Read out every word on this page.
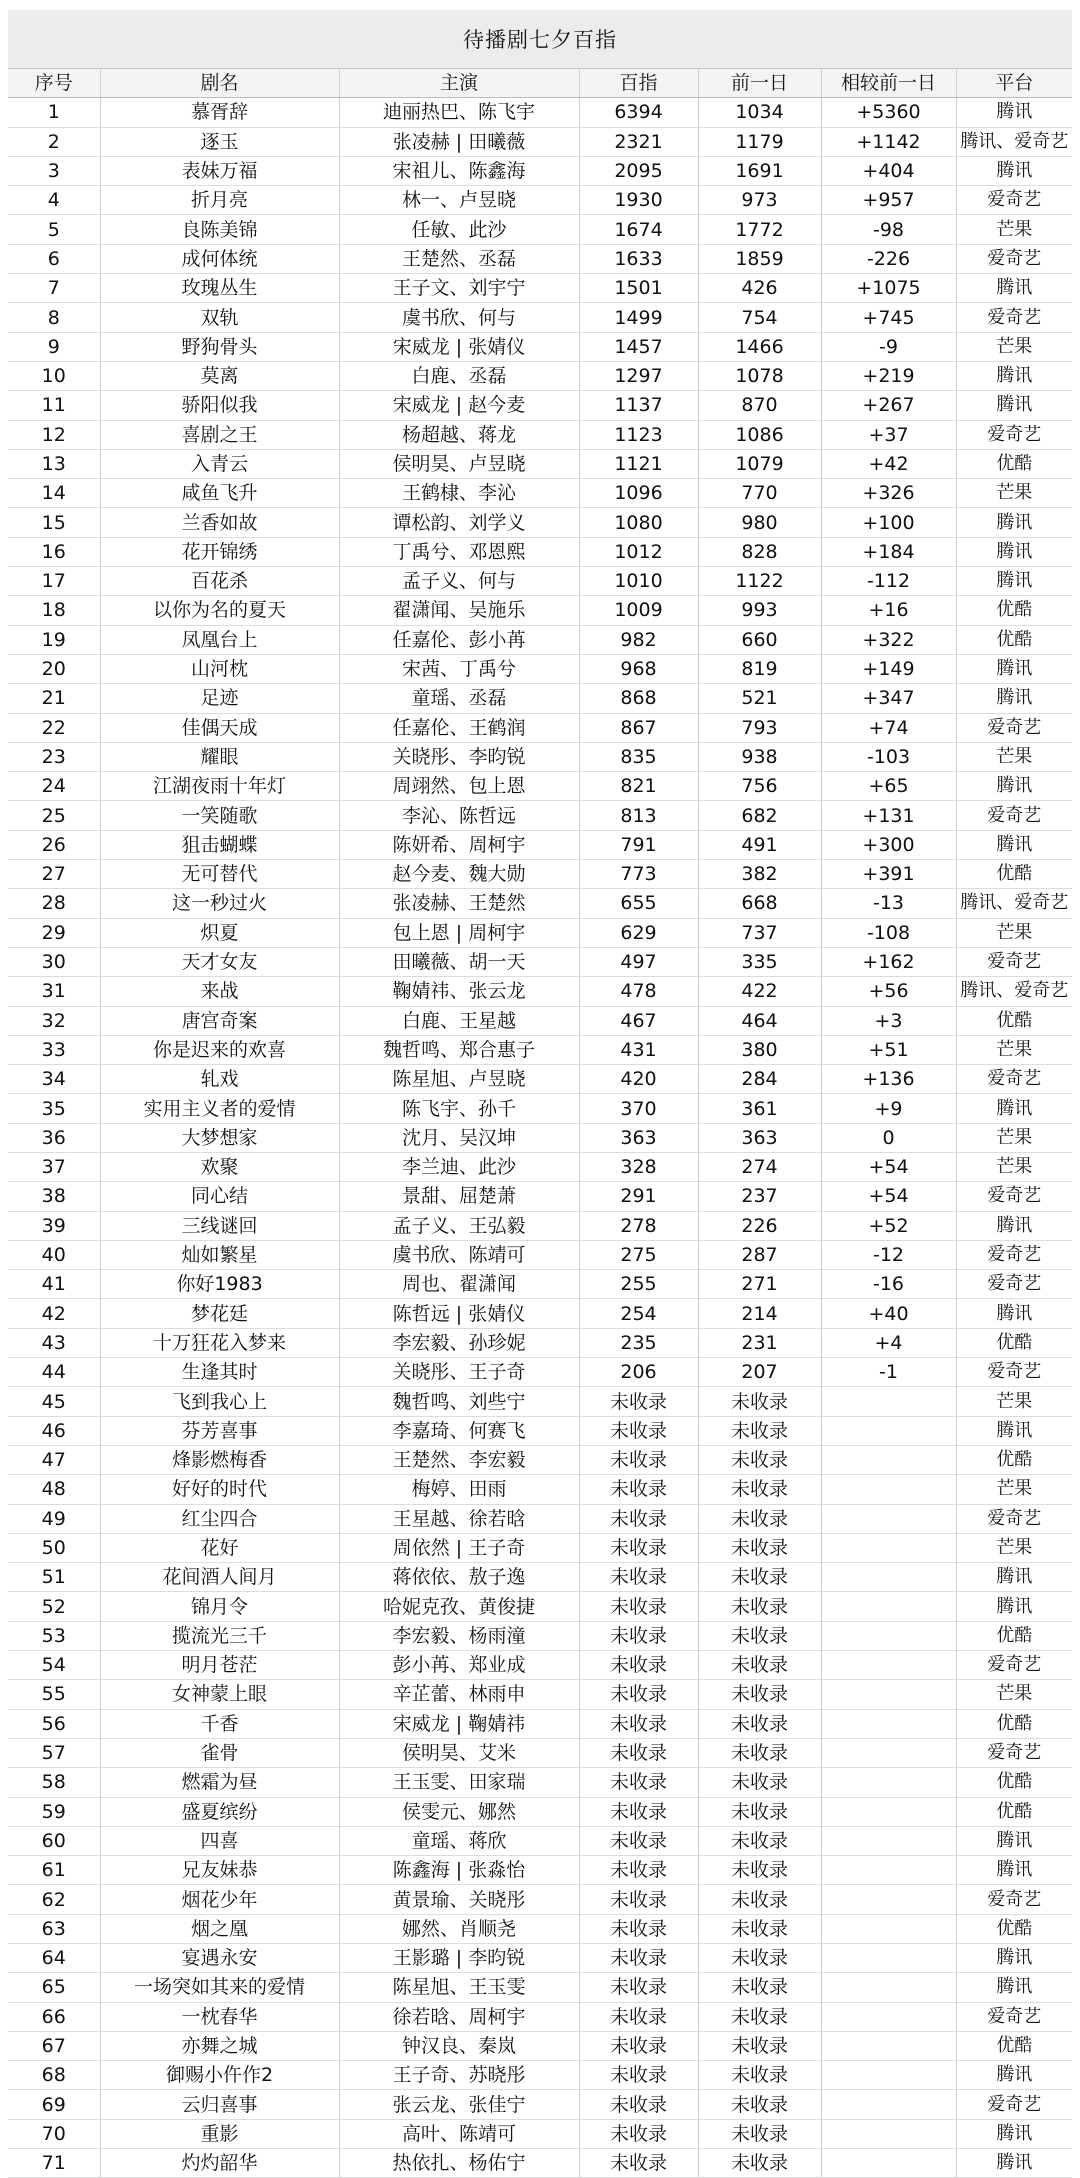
待播剧七夕百指
序号	剧名	主演	百指	前一日	相较前一日	平台
1	慕胥辞	迪丽热巴、陈飞宇	6394	1034	+5360	腾讯
2	逐玉	张凌赫 | 田曦薇	2321	1179	+1142	腾讯、爱奇艺
3	表妹万福	宋祖儿、陈鑫海	2095	1691	+404	腾讯
4	折月亮	林一、卢昱晓	1930	973	+957	爱奇艺
5	良陈美锦	任敏、此沙	1674	1772	-98	芒果
6	成何体统	王楚然、丞磊	1633	1859	-226	爱奇艺
7	玫瑰丛生	王子文、刘宇宁	1501	426	+1075	腾讯
8	双轨	虞书欣、何与	1499	754	+745	爱奇艺
9	野狗骨头	宋威龙 | 张婧仪	1457	1466	-9	芒果
10	莫离	白鹿、丞磊	1297	1078	+219	腾讯
11	骄阳似我	宋威龙 | 赵今麦	1137	870	+267	腾讯
12	喜剧之王	杨超越、蒋龙	1123	1086	+37	爱奇艺
13	入青云	侯明昊、卢昱晓	1121	1079	+42	优酷
14	咸鱼飞升	王鹤棣、李沁	1096	770	+326	芒果
15	兰香如故	谭松韵、刘学义	1080	980	+100	腾讯
16	花开锦绣	丁禹兮、邓恩熙	1012	828	+184	腾讯
17	百花杀	孟子义、何与	1010	1122	-112	腾讯
18	以你为名的夏天	翟潇闻、吴施乐	1009	993	+16	优酷
19	凤凰台上	任嘉伦、彭小苒	982	660	+322	优酷
20	山河枕	宋茜、丁禹兮	968	819	+149	腾讯
21	足迹	童瑶、丞磊	868	521	+347	腾讯
22	佳偶天成	任嘉伦、王鹤润	867	793	+74	爱奇艺
23	耀眼	关晓彤、李昀锐	835	938	-103	芒果
24	江湖夜雨十年灯	周翊然、包上恩	821	756	+65	腾讯
25	一笑随歌	李沁、陈哲远	813	682	+131	爱奇艺
26	狙击蝴蝶	陈妍希、周柯宇	791	491	+300	腾讯
27	无可替代	赵今麦、魏大勋	773	382	+391	优酷
28	这一秒过火	张凌赫、王楚然	655	668	-13	腾讯、爱奇艺
29	炽夏	包上恩 | 周柯宇	629	737	-108	芒果
30	天才女友	田曦薇、胡一天	497	335	+162	爱奇艺
31	来战	鞠婧祎、张云龙	478	422	+56	腾讯、爱奇艺
32	唐宫奇案	白鹿、王星越	467	464	+3	优酷
33	你是迟来的欢喜	魏哲鸣、郑合惠子	431	380	+51	芒果
34	轧戏	陈星旭、卢昱晓	420	284	+136	爱奇艺
35	实用主义者的爱情	陈飞宇、孙千	370	361	+9	腾讯
36	大梦想家	沈月、吴汉坤	363	363	0	芒果
37	欢聚	李兰迪、此沙	328	274	+54	芒果
38	同心结	景甜、屈楚萧	291	237	+54	爱奇艺
39	三线谜回	孟子义、王弘毅	278	226	+52	腾讯
40	灿如繁星	虞书欣、陈靖可	275	287	-12	爱奇艺
41	你好1983	周也、翟潇闻	255	271	-16	爱奇艺
42	梦花廷	陈哲远 | 张婧仪	254	214	+40	腾讯
43	十万狂花入梦来	李宏毅、孙珍妮	235	231	+4	优酷
44	生逢其时	关晓彤、王子奇	206	207	-1	爱奇艺
45	飞到我心上	魏哲鸣、刘些宁	未收录	未收录		芒果
46	芬芳喜事	李嘉琦、何赛飞	未收录	未收录		腾讯
47	烽影燃梅香	王楚然、李宏毅	未收录	未收录		优酷
48	好好的时代	梅婷、田雨	未收录	未收录		芒果
49	红尘四合	王星越、徐若晗	未收录	未收录		爱奇艺
50	花好	周依然 | 王子奇	未收录	未收录		芒果
51	花间酒人间月	蒋依依、敖子逸	未收录	未收录		腾讯
52	锦月令	哈妮克孜、黄俊捷	未收录	未收录		腾讯
53	揽流光三千	李宏毅、杨雨潼	未收录	未收录		优酷
54	明月苍茫	彭小苒、郑业成	未收录	未收录		爱奇艺
55	女神蒙上眼	辛芷蕾、林雨申	未收录	未收录		芒果
56	千香	宋威龙 | 鞠婧祎	未收录	未收录		优酷
57	雀骨	侯明昊、艾米	未收录	未收录		爱奇艺
58	燃霜为昼	王玉雯、田家瑞	未收录	未收录		优酷
59	盛夏缤纷	侯雯元、娜然	未收录	未收录		优酷
60	四喜	童瑶、蒋欣	未收录	未收录		腾讯
61	兄友妹恭	陈鑫海 | 张淼怡	未收录	未收录		腾讯
62	烟花少年	黄景瑜、关晓彤	未收录	未收录		爱奇艺
63	烟之凰	娜然、肖顺尧	未收录	未收录		优酷
64	宴遇永安	王影璐 | 李昀锐	未收录	未收录		腾讯
65	一场突如其来的爱情	陈星旭、王玉雯	未收录	未收录		腾讯
66	一枕春华	徐若晗、周柯宇	未收录	未收录		爱奇艺
67	亦舞之城	钟汉良、秦岚	未收录	未收录		优酷
68	御赐小仵作2	王子奇、苏晓彤	未收录	未收录		腾讯
69	云归喜事	张云龙、张佳宁	未收录	未收录		爱奇艺
70	重影	高叶、陈靖可	未收录	未收录		腾讯
71	灼灼韶华	热依扎、杨佑宁	未收录	未收录		腾讯
